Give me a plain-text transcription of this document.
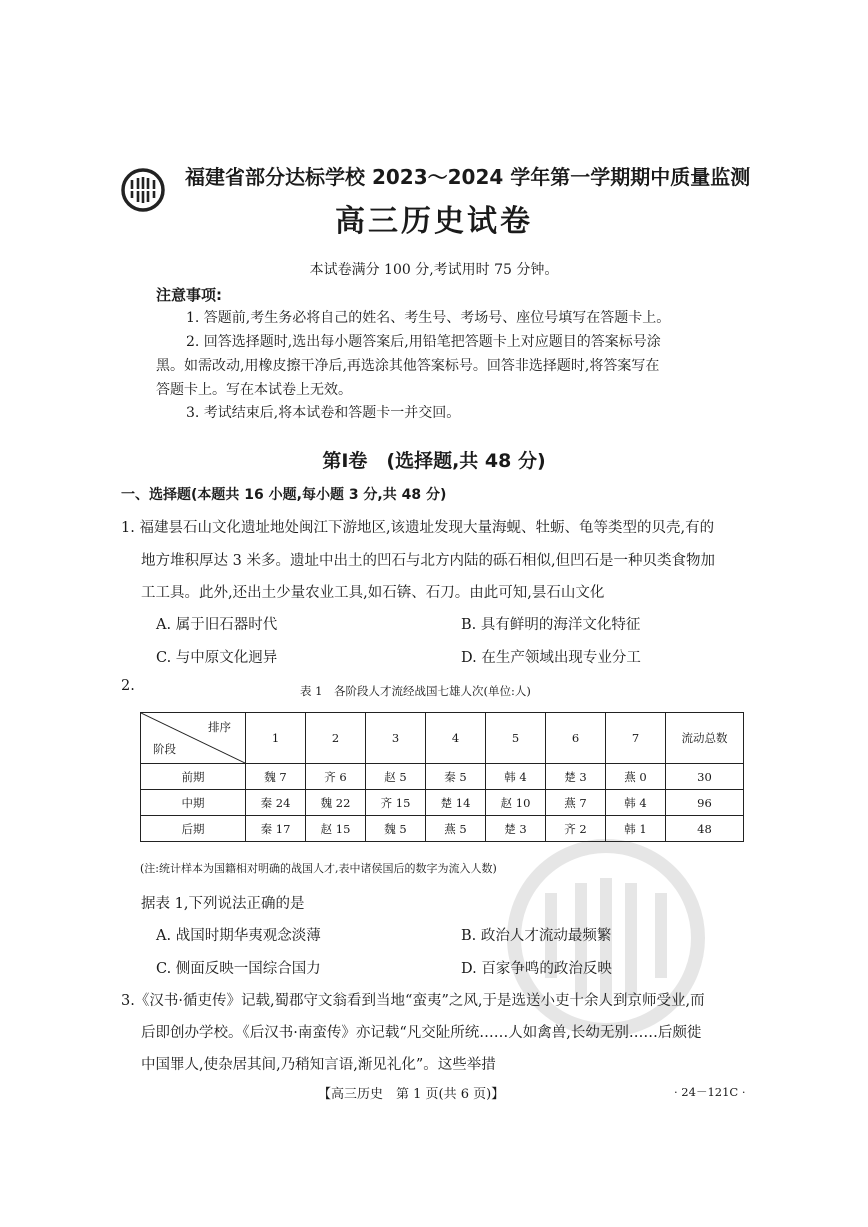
福建省部分达标学校 2023～2024 学年第一学期期中质量监测
高三历史试卷
本试卷满分 100 分,考试用时 75 分钟。
注意事项:
1. 答题前,考生务必将自己的姓名、考生号、考场号、座位号填写在答题卡上。
2. 回答选择题时,选出每小题答案后,用铅笔把答题卡上对应题目的答案标号涂
黑。如需改动,用橡皮擦干净后,再选涂其他答案标号。回答非选择题时,将答案写在
答题卡上。写在本试卷上无效。
3. 考试结束后,将本试卷和答题卡一并交回。
第Ⅰ卷　(选择题,共 48 分)
一、选择题(本题共 16 小题,每小题 3 分,共 48 分)
1. 福建昙石山文化遗址地处闽江下游地区,该遗址发现大量海蚬、牡蛎、龟等类型的贝壳,有的
地方堆积厚达 3 米多。遗址中出土的凹石与北方内陆的砾石相似,但凹石是一种贝类食物加
工工具。此外,还出土少量农业工具,如石锛、石刀。由此可知,昙石山文化
A. 属于旧石器时代	B. 具有鲜明的海洋文化特征
C. 与中原文化迥异	D. 在生产领域出现专业分工
2.	表 1　各阶段人才流经战国七雄人次(单位:人)
排序
阶段	1	2	3	4	5	6	7	流动总数
前期	魏 7	齐 6	赵 5	秦 5	韩 4	楚 3	燕 0	30
中期	秦 24	魏 22	齐 15	楚 14	赵 10	燕 7	韩 4	96
后期	秦 17	赵 15	魏 5	燕 5	楚 3	齐 2	韩 1	48
(注:统计样本为国籍相对明确的战国人才,表中诸侯国后的数字为流入人数)
据表 1,下列说法正确的是
A. 战国时期华夷观念淡薄	B. 政治人才流动最频繁
C. 侧面反映一国综合国力	D. 百家争鸣的政治反映
3.《汉书·循吏传》记载,蜀郡守文翁看到当地“蛮夷”之风,于是选送小吏十余人到京师受业,而
后即创办学校。《后汉书·南蛮传》亦记载“凡交阯所统……人如禽兽,长幼无别……后颇徙
中国罪人,使杂居其间,乃稍知言语,渐见礼化”。这些举措
【高三历史　第 1 页(共 6 页)】	· 24－121C ·
